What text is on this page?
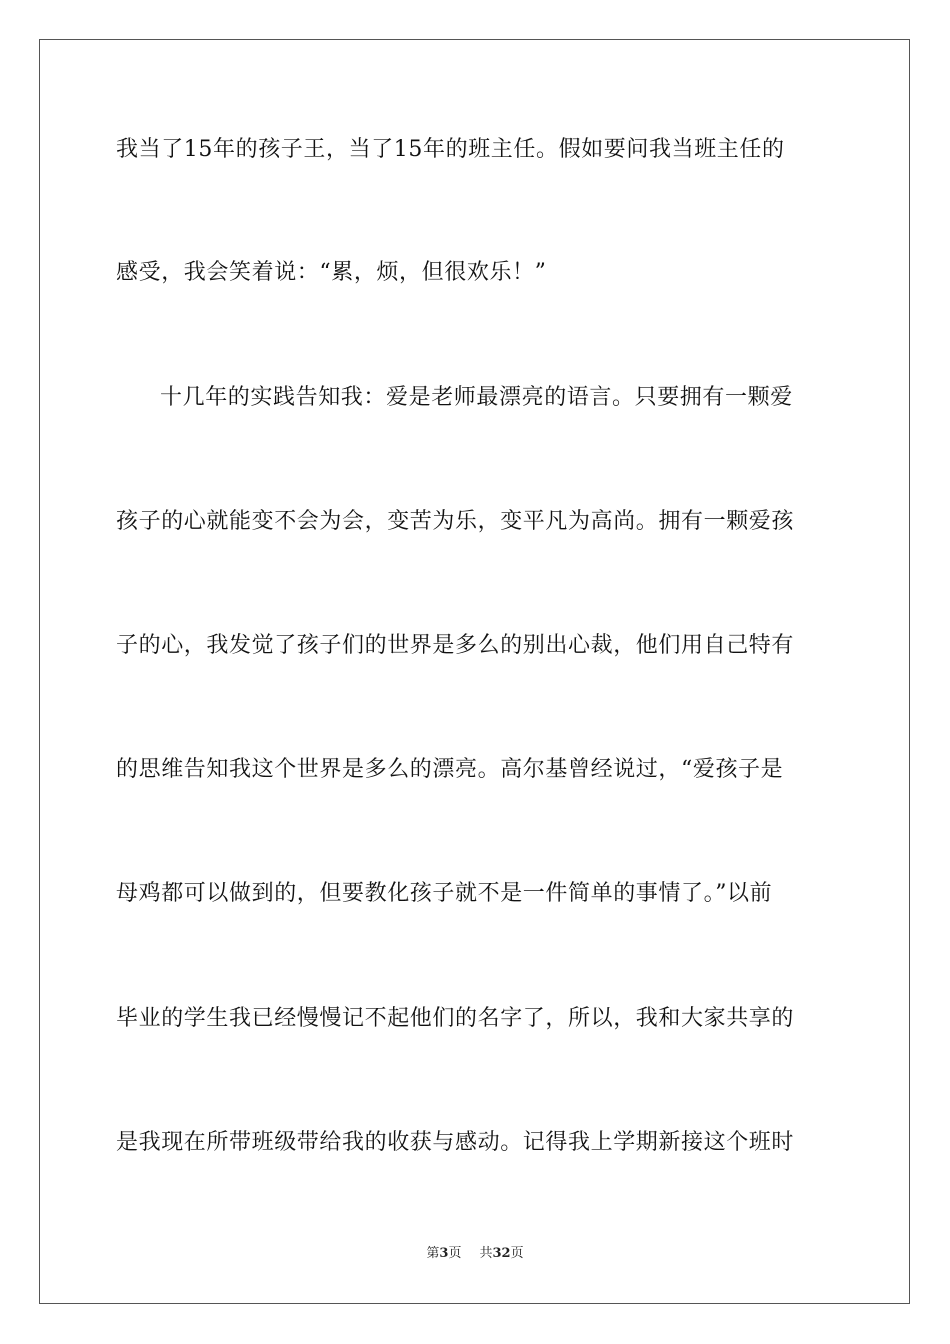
我当了15年的孩子王，当了15年的班主任。假如要问我当班主任的
感受，我会笑着说：“累，烦，但很欢乐！”
十几年的实践告知我：爱是老师最漂亮的语言。只要拥有一颗爱
孩子的心就能变不会为会，变苦为乐，变平凡为高尚。拥有一颗爱孩
子的心，我发觉了孩子们的世界是多么的别出心裁，他们用自己特有
的思维告知我这个世界是多么的漂亮。高尔基曾经说过，“爱孩子是
母鸡都可以做到的，但要教化孩子就不是一件简单的事情了。”以前
毕业的学生我已经慢慢记不起他们的名字了，所以，我和大家共享的
是我现在所带班级带给我的收获与感动。记得我上学期新接这个班时
第3页 共32页
